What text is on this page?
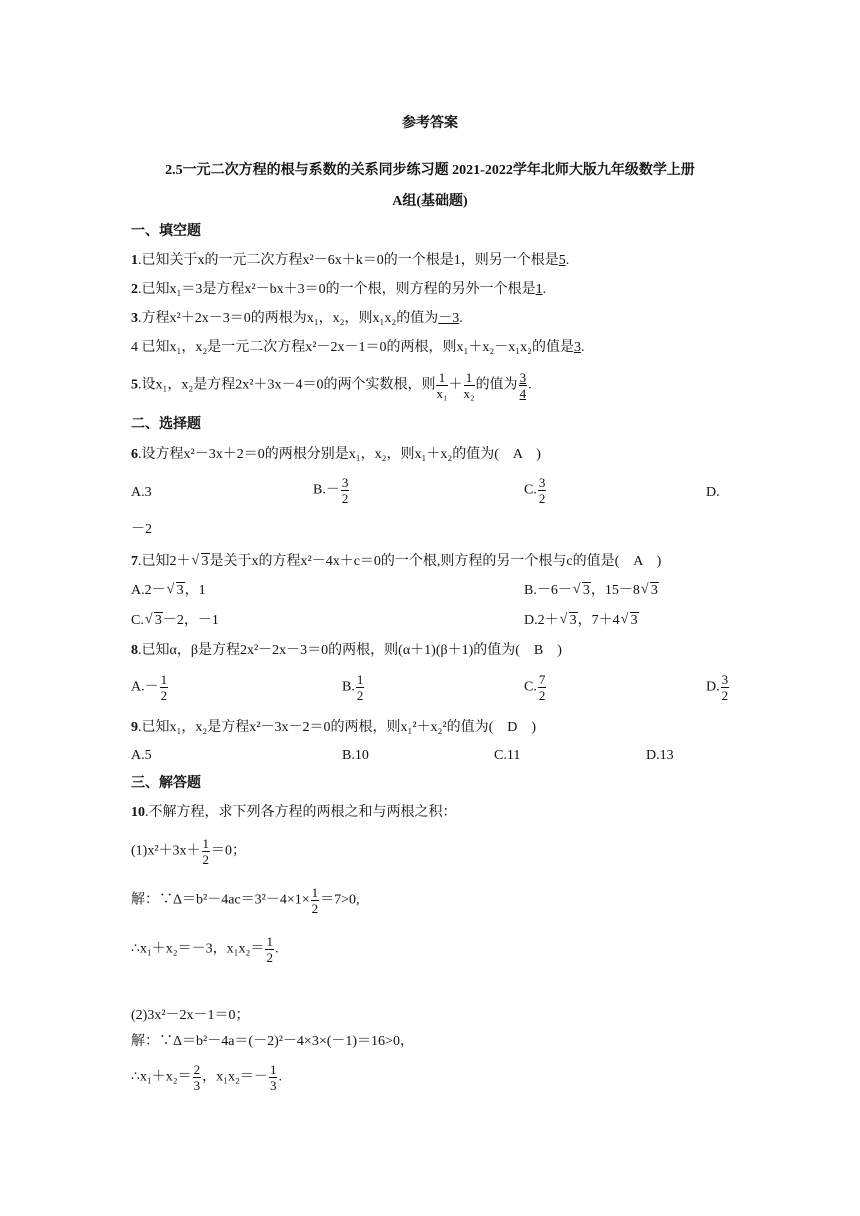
参考答案
2.5一元二次方程的根与系数的关系同步练习题 2021-2022学年北师大版九年级数学上册
A组(基础题)
一、填空题
1.已知关于x的一元二次方程x²－6x＋k＝0的一个根是1，则另一个根是5.
2.已知x₁＝3是方程x²－bx＋3＝0的一个根，则方程的另外一个根是1.
3.方程x²＋2x－3＝0的两根为x₁，x₂，则x₁x₂的值为－3.
4 已知x₁，x₂是一元二次方程x²－2x－1＝0的两根，则x₁＋x₂－x₁x₂的值是3.
5.设x₁，x₂是方程2x²＋3x－4＝0的两个实数根，则 $\frac{1}{\text{x₁}} + \frac{1}{\text{x₂}}$ 的值为 $\frac{3}{4}$ .
二、选择题
6.设方程x²－3x＋2＝0的两根分别是x₁，x₂，则x₁＋x₂的值为(　A　)
A.3	$B.- \frac{3}{2}$	C. $\frac{3}{2}$	D.
－2
7.已知2＋ √ 3是关于x的方程x²－4x＋c＝0的一个根,则方程的另一个根与c的值是(　A　)
A.2－ √ 3，1	B.－6－ √ 3，15－8 √ 3
C. √ 3－2，－1	D.2＋ √ 3，7＋4 √ 3
8.已知α，β是方程2x²－2x－3＝0的两根，则(α＋1)(β＋1)的值为(　B　)
$A.- \frac{1}{2}$	B. $\frac{1}{2}$	C. $\frac{7}{2}$	D. $\frac{3}{2}$
9.已知x₁，x₂是方程x²－3x－2＝0的两根，则x₁²＋x₂²的值为(　D　)
A.5	B.10	C.11	D.13
三、解答题
10.不解方程，求下列各方程的两根之和与两根之积：
$(1)x^2+3x+ \frac{1}{2} =0$；
解：∵Δ＝b²－4ac＝3²－4×1× $\frac{1}{2} =7>0$,
∴x₁＋x₂＝－3，$x_1x_2= \frac{1}{2}$ .
(2)3x²－2x－1＝0；
解：∵Δ＝b²－4a＝(－2)²－4×3×(－1)＝16>0，
∴x₁＋x₂＝ $\frac{2}{3}$ ，$x_1x_2=- \frac{1}{3}$ .
